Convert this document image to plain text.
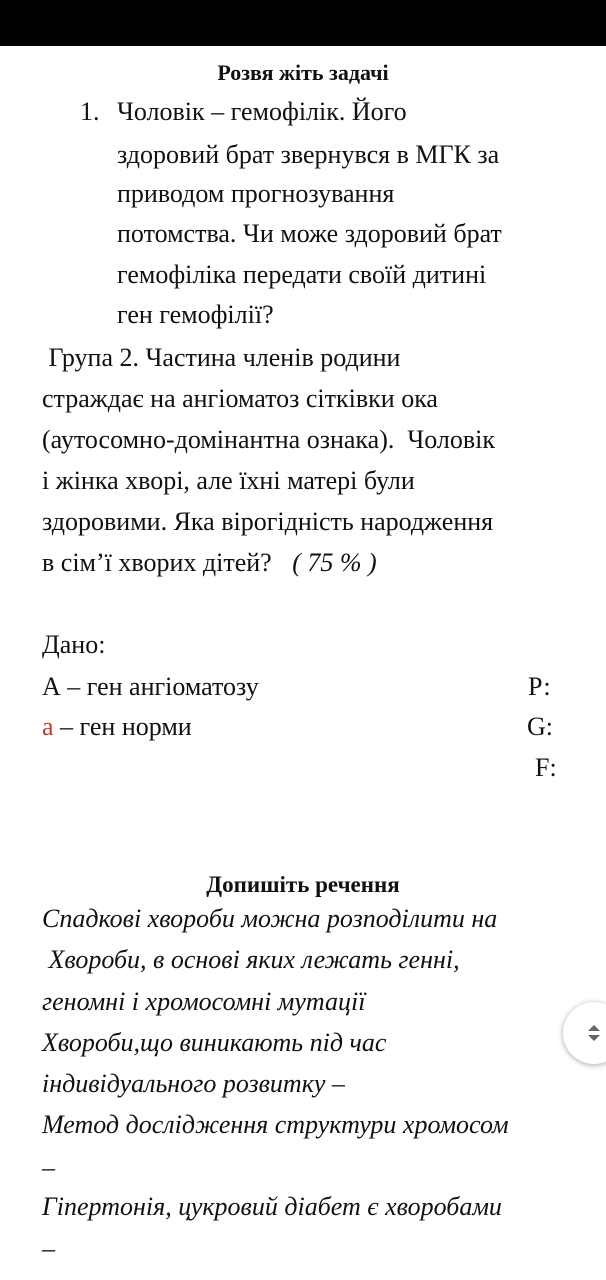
Розвя жіть задачі
1. Чоловік – гемофілік. Його
здоровий брат звернувся в МГК за
приводом прогнозування
потомства. Чи може здоровий брат
гемофіліка передати своїй дитині
ген гемофілії?
Група 2. Частина членів родини
страждає на ангіоматоз сітківки ока
(аутосомно-домінантна ознака).  Чоловік
і жінка хворі, але їхні матері були
здоровими. Яка вірогідність народження
в сім’ї хворих дітей? ( 75 % )
Дано:
А – ген ангіоматозу
а – ген норми
Р:
G:
F:
Допишіть речення
Спадкові хвороби можна розподілити на
Хвороби, в основі яких лежать генні,
геномні і хромосомні мутації
Хвороби,що виникають під час
індивідуального розвитку –
Метод дослідження структури хромосом
–
Гіпертонія, цукровий діабет є хворобами
–
